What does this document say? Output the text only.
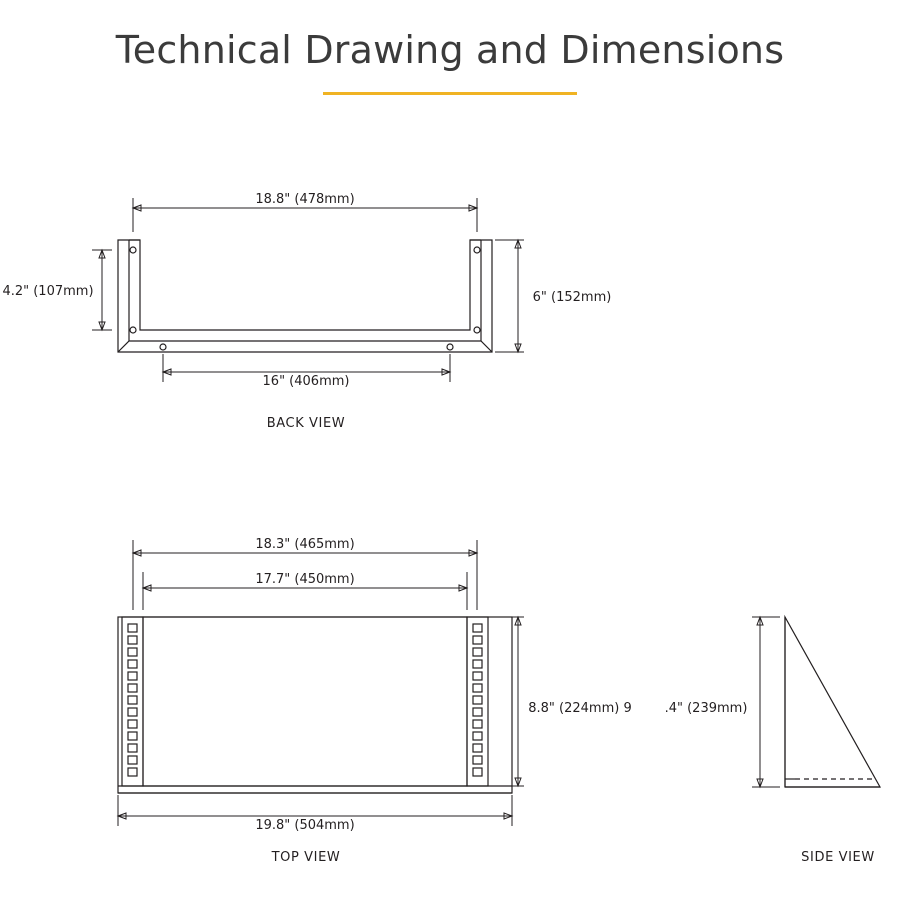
Technical Drawing and Dimensions
18.8" (478mm)
16" (406mm)
4.2" (107mm)	6" (152mm)
BACK VIEW
18.3" (465mm)
17.7" (450mm)
19.8" (504mm)
8.8" (224mm) 9
TOP VIEW
.4" (239mm)
SIDE VIEW
